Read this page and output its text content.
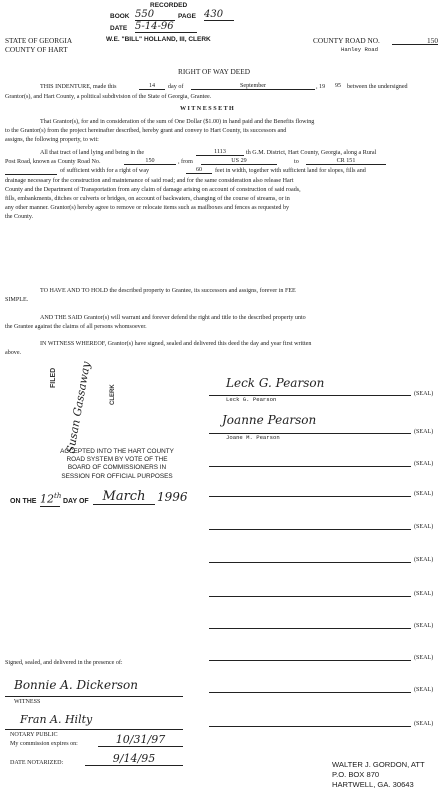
RECORDED
BOOK 550	PAGE 430
DATE 5-14-96
W.E. "BILL" HOLLAND, III, CLERK
STATE OF GEORGIA
COUNTY OF HART
COUNTY ROAD NO.	150
Hanley Road
RIGHT OF WAY DEED
THIS INDENTURE, made this	14	day of	September	, 19 95 between the undersigned
Grantor(s), and Hart County, a political subdivision of the State of Georgia, Grantee.
W I T N E S S E T H
That Grantor(s), for and in consideration of the sum of One Dollar ($1.00) in hand paid and the Benefits flowing
to the Grantor(s) from the project hereinafter described, hereby grant and convey to Hart County, its successors and
assigns, the following property, to wit:
All that tract of land lying and being in the	1113	th G.M. District, Hart County, Georgia, along a Rural
Post Road, known as County Road No.	150	, from	US 29	to	CR 151
of sufficient width for a right of way	60	feet in width, together with sufficient land for slopes, fills and
drainage necessary for the construction and maintenance of said road; and for the same consideration also release Hart
County and the Department of Transportation from any claim of damage arising on account of construction of said roads,
fills, embankments, ditches or culverts or bridges, on account of backwaters, changing of the course of streams, or in
any other manner. Grantor(s) hereby agree to remove or relocate items such as mailboxes and fences as requested by
the County.
TO HAVE AND TO HOLD the described property to Grantee, its successors and assigns, forever in FEE
SIMPLE.
AND THE SAID Grantor(s) will warrant and forever defend the right and title to the described property unto
the Grantee against the claims of all persons whomsoever.
IN WITNESS WHEREOF, Grantor(s) have signed, sealed and delivered this deed the day and year first written
above.
Leck G. Pearson
Leck G. Pearson
(SEAL)
Joanne Pearson
Joane M. Pearson
(SEAL)
(SEAL)
(SEAL)
(SEAL)
(SEAL)
(SEAL)
(SEAL)
(SEAL)
(SEAL)
(SEAL)
FILED Susan Gassaway	CLERK
ACCEPTED INTO THE HART COUNTY
ROAD SYSTEM BY VOTE OF THE
BOARD OF COMMISSIONERS IN
SESSION FOR OFFICIAL PURPOSES
ON THE 12th
DAY OF	March 1996
Signed, sealed, and delivered in the presence of:
Bonnie A. Dickerson
WITNESS
Fran A. Hilty
NOTARY PUBLIC
My commission expires on:	10/31/97
DATE NOTARIZED:	9/14/95	WALTER J. GORDON, ATT
P.O. BOX 870
HARTWELL, GA. 30643
